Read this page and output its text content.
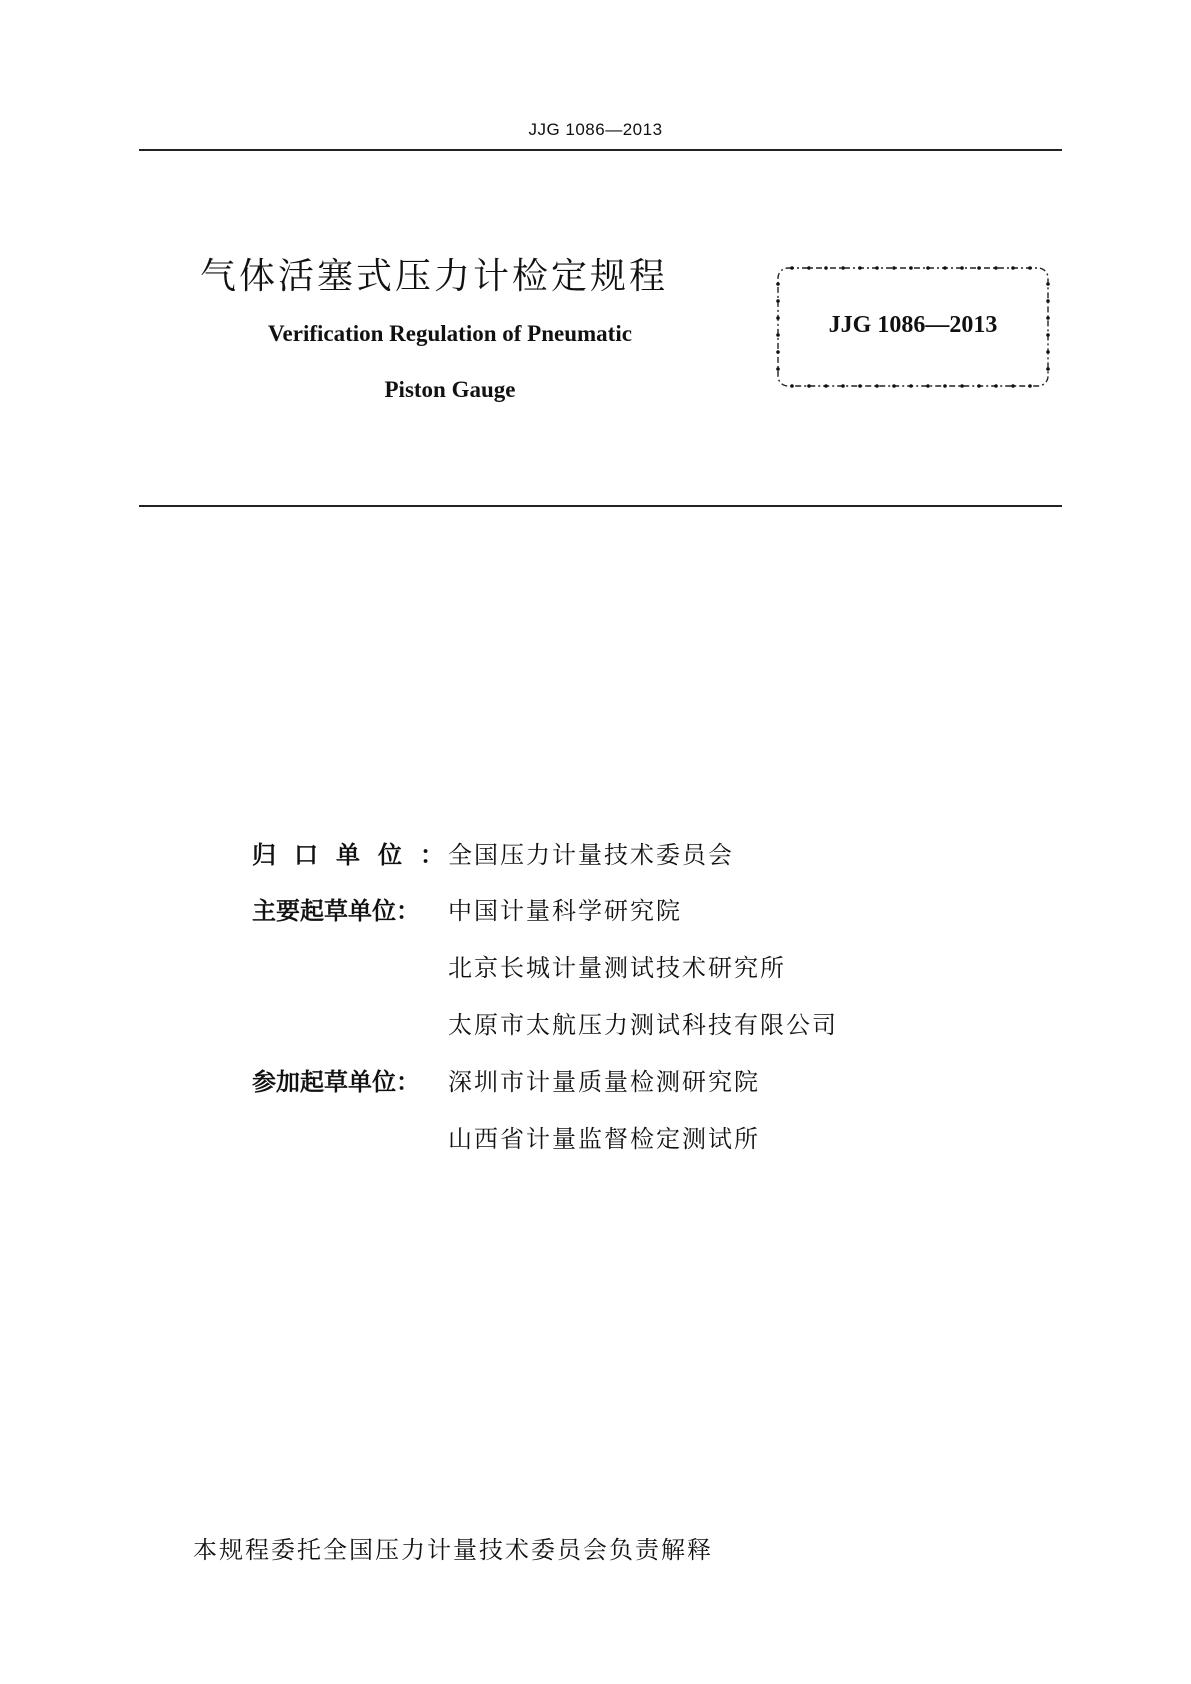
JJG 1086—2013
气体活塞式压力计检定规程
Verification Regulation of Pneumatic
Piston Gauge
JJG 1086—2013
归口单位：
全国压力计量技术委员会
主要起草单位： 中国计量科学研究院
北京长城计量测试技术研究所
太原市太航压力测试科技有限公司
参加起草单位： 深圳市计量质量检测研究院
山西省计量监督检定测试所
本规程委托全国压力计量技术委员会负责解释
